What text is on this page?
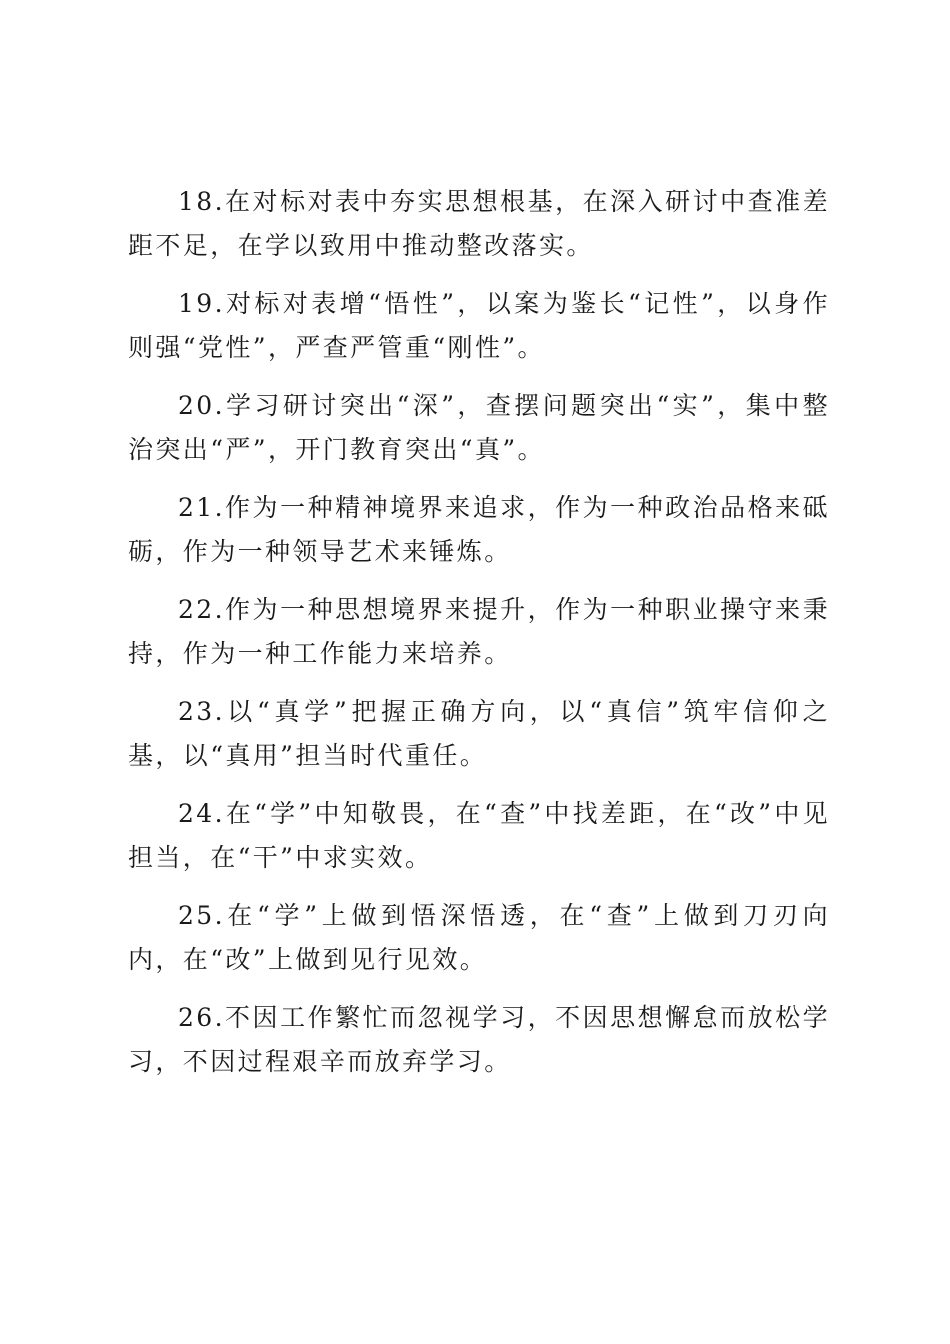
18.在对标对表中夯实思想根基，在深入研讨中查准差距不足，在学以致用中推动整改落实。

19.对标对表增“悟性”，以案为鉴长“记性”，以身作则强“党性”，严查严管重“刚性”。

20.学习研讨突出“深”，查摆问题突出“实”，集中整治突出“严”，开门教育突出“真”。

21.作为一种精神境界来追求，作为一种政治品格来砥砺，作为一种领导艺术来锤炼。

22.作为一种思想境界来提升，作为一种职业操守来秉持，作为一种工作能力来培养。

23.以“真学”把握正确方向，以“真信”筑牢信仰之基，以“真用”担当时代重任。

24.在“学”中知敬畏，在“查”中找差距，在“改”中见担当，在“干”中求实效。

25.在“学”上做到悟深悟透，在“查”上做到刀刃向内，在“改”上做到见行见效。

26.不因工作繁忙而忽视学习，不因思想懈怠而放松学习，不因过程艰辛而放弃学习。
